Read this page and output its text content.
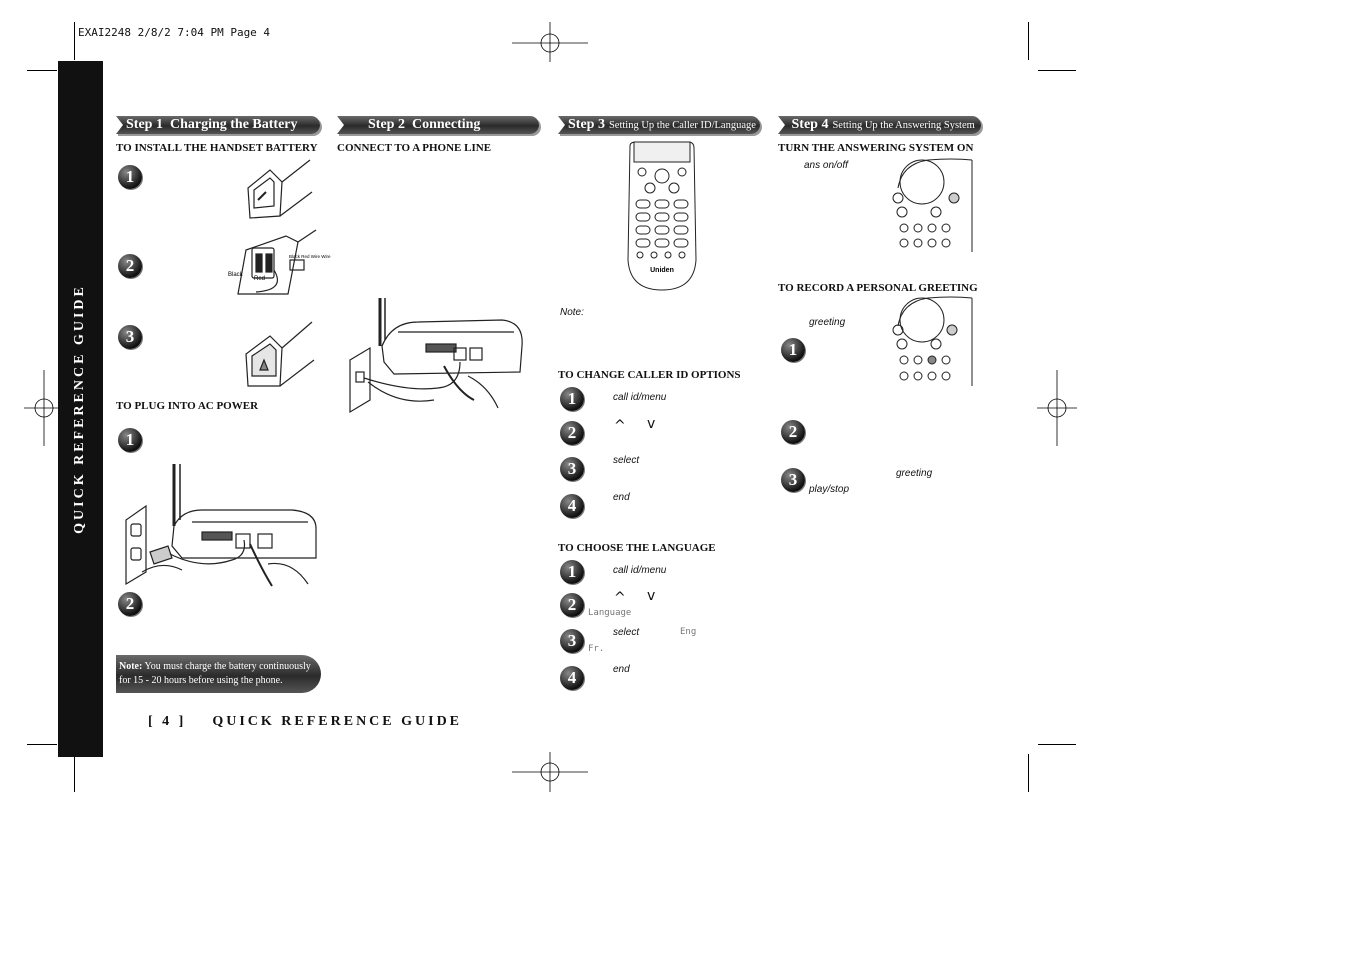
EXAI2248 2/8/2 7:04 PM Page 4
QUICK REFERENCE GUIDE
Step 1 Charging the Battery	Step 2 Connecting	Step 3 Setting Up the Caller ID/Language	Step 4 Setting Up the Answering System
TO INSTALL THE HANDSET BATTERY
1
2	Black
Red
Black Red Wire Wire
3
TO PLUG INTO AC POWER
1
2
Note: You must charge the battery continuously for 15 - 20 hours before using the phone.
CONNECT TO A PHONE LINE
Uniden
Note:
TO CHANGE CALLER ID OPTIONS
1	call id/menu
2	^ v
3	select
4	end
TO CHOOSE THE LANGUAGE
1	call id/menu
2	^ v
Language
3	select	Eng
Fr.
4	end
TURN THE ANSWERING SYSTEM ON
ans on/off
TO RECORD A PERSONAL GREETING
greeting
1
2
3	greeting
play/stop
[ 4 ] QUICK REFERENCE GUIDE
